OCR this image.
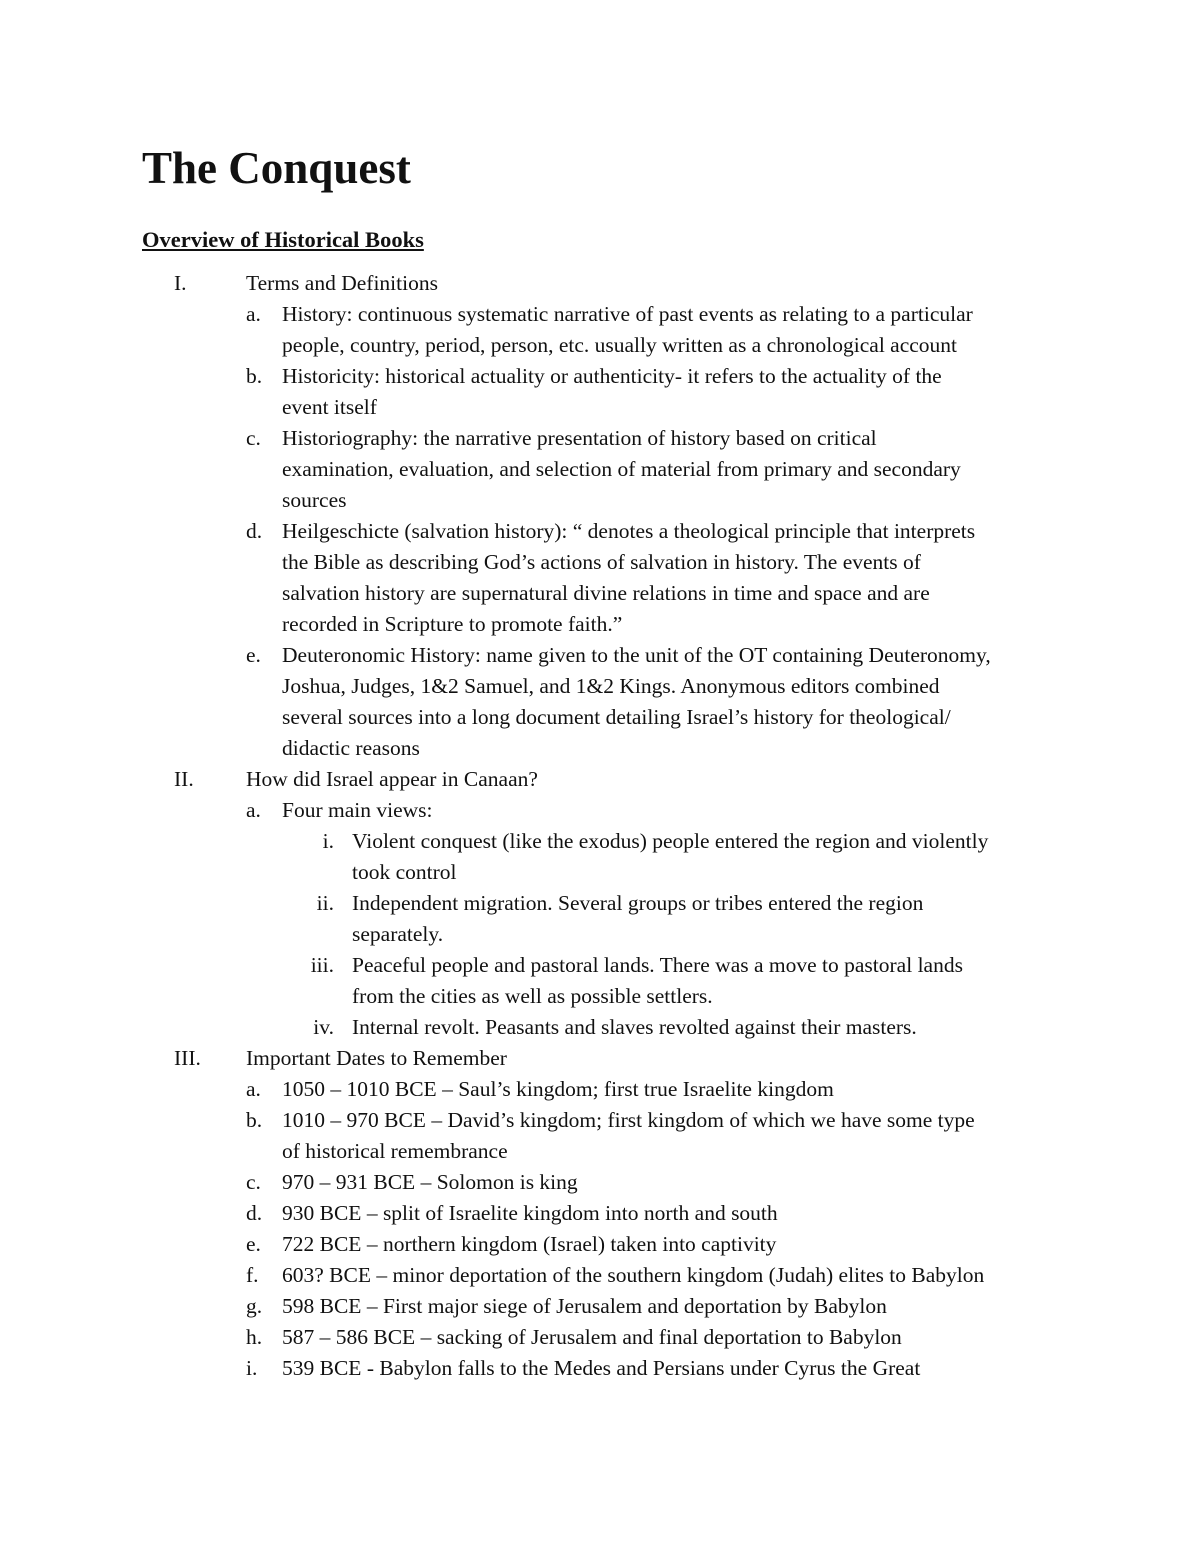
The Conquest
Overview of Historical Books
I.	Terms and Definitions
a. History: continuous systematic narrative of past events as relating to a particular
people, country, period, person, etc. usually written as a chronological account
b. Historicity: historical actuality or authenticity- it refers to the actuality of the
event itself
c. Historiography: the narrative presentation of history based on critical
examination, evaluation, and selection of material from primary and secondary
sources
d. Heilgeschicte (salvation history): “ denotes a theological principle that interprets
the Bible as describing God’s actions of salvation in history. The events of
salvation history are supernatural divine relations in time and space and are
recorded in Scripture to promote faith.”
e. Deuteronomic History: name given to the unit of the OT containing Deuteronomy,
Joshua, Judges, 1&2 Samuel, and 1&2 Kings. Anonymous editors combined
several sources into a long document detailing Israel’s history for theological/
didactic reasons
II. How did Israel appear in Canaan?
a. Four main views:
i. Violent conquest (like the exodus) people entered the region and violently
took control
ii. Independent migration. Several groups or tribes entered the region
separately.
iii. Peaceful people and pastoral lands. There was a move to pastoral lands
from the cities as well as possible settlers.
iv. Internal revolt. Peasants and slaves revolted against their masters.
III. Important Dates to Remember
a. 1050 – 1010 BCE – Saul’s kingdom; first true Israelite kingdom
b. 1010 – 970 BCE – David’s kingdom; first kingdom of which we have some type
of historical remembrance
c. 970 – 931 BCE – Solomon is king
d. 930 BCE – split of Israelite kingdom into north and south
e. 722 BCE – northern kingdom (Israel) taken into captivity
f. 603? BCE – minor deportation of the southern kingdom (Judah) elites to Babylon
g. 598 BCE – First major siege of Jerusalem and deportation by Babylon
h. 587 – 586 BCE – sacking of Jerusalem and final deportation to Babylon
i. 539 BCE - Babylon falls to the Medes and Persians under Cyrus the Great
